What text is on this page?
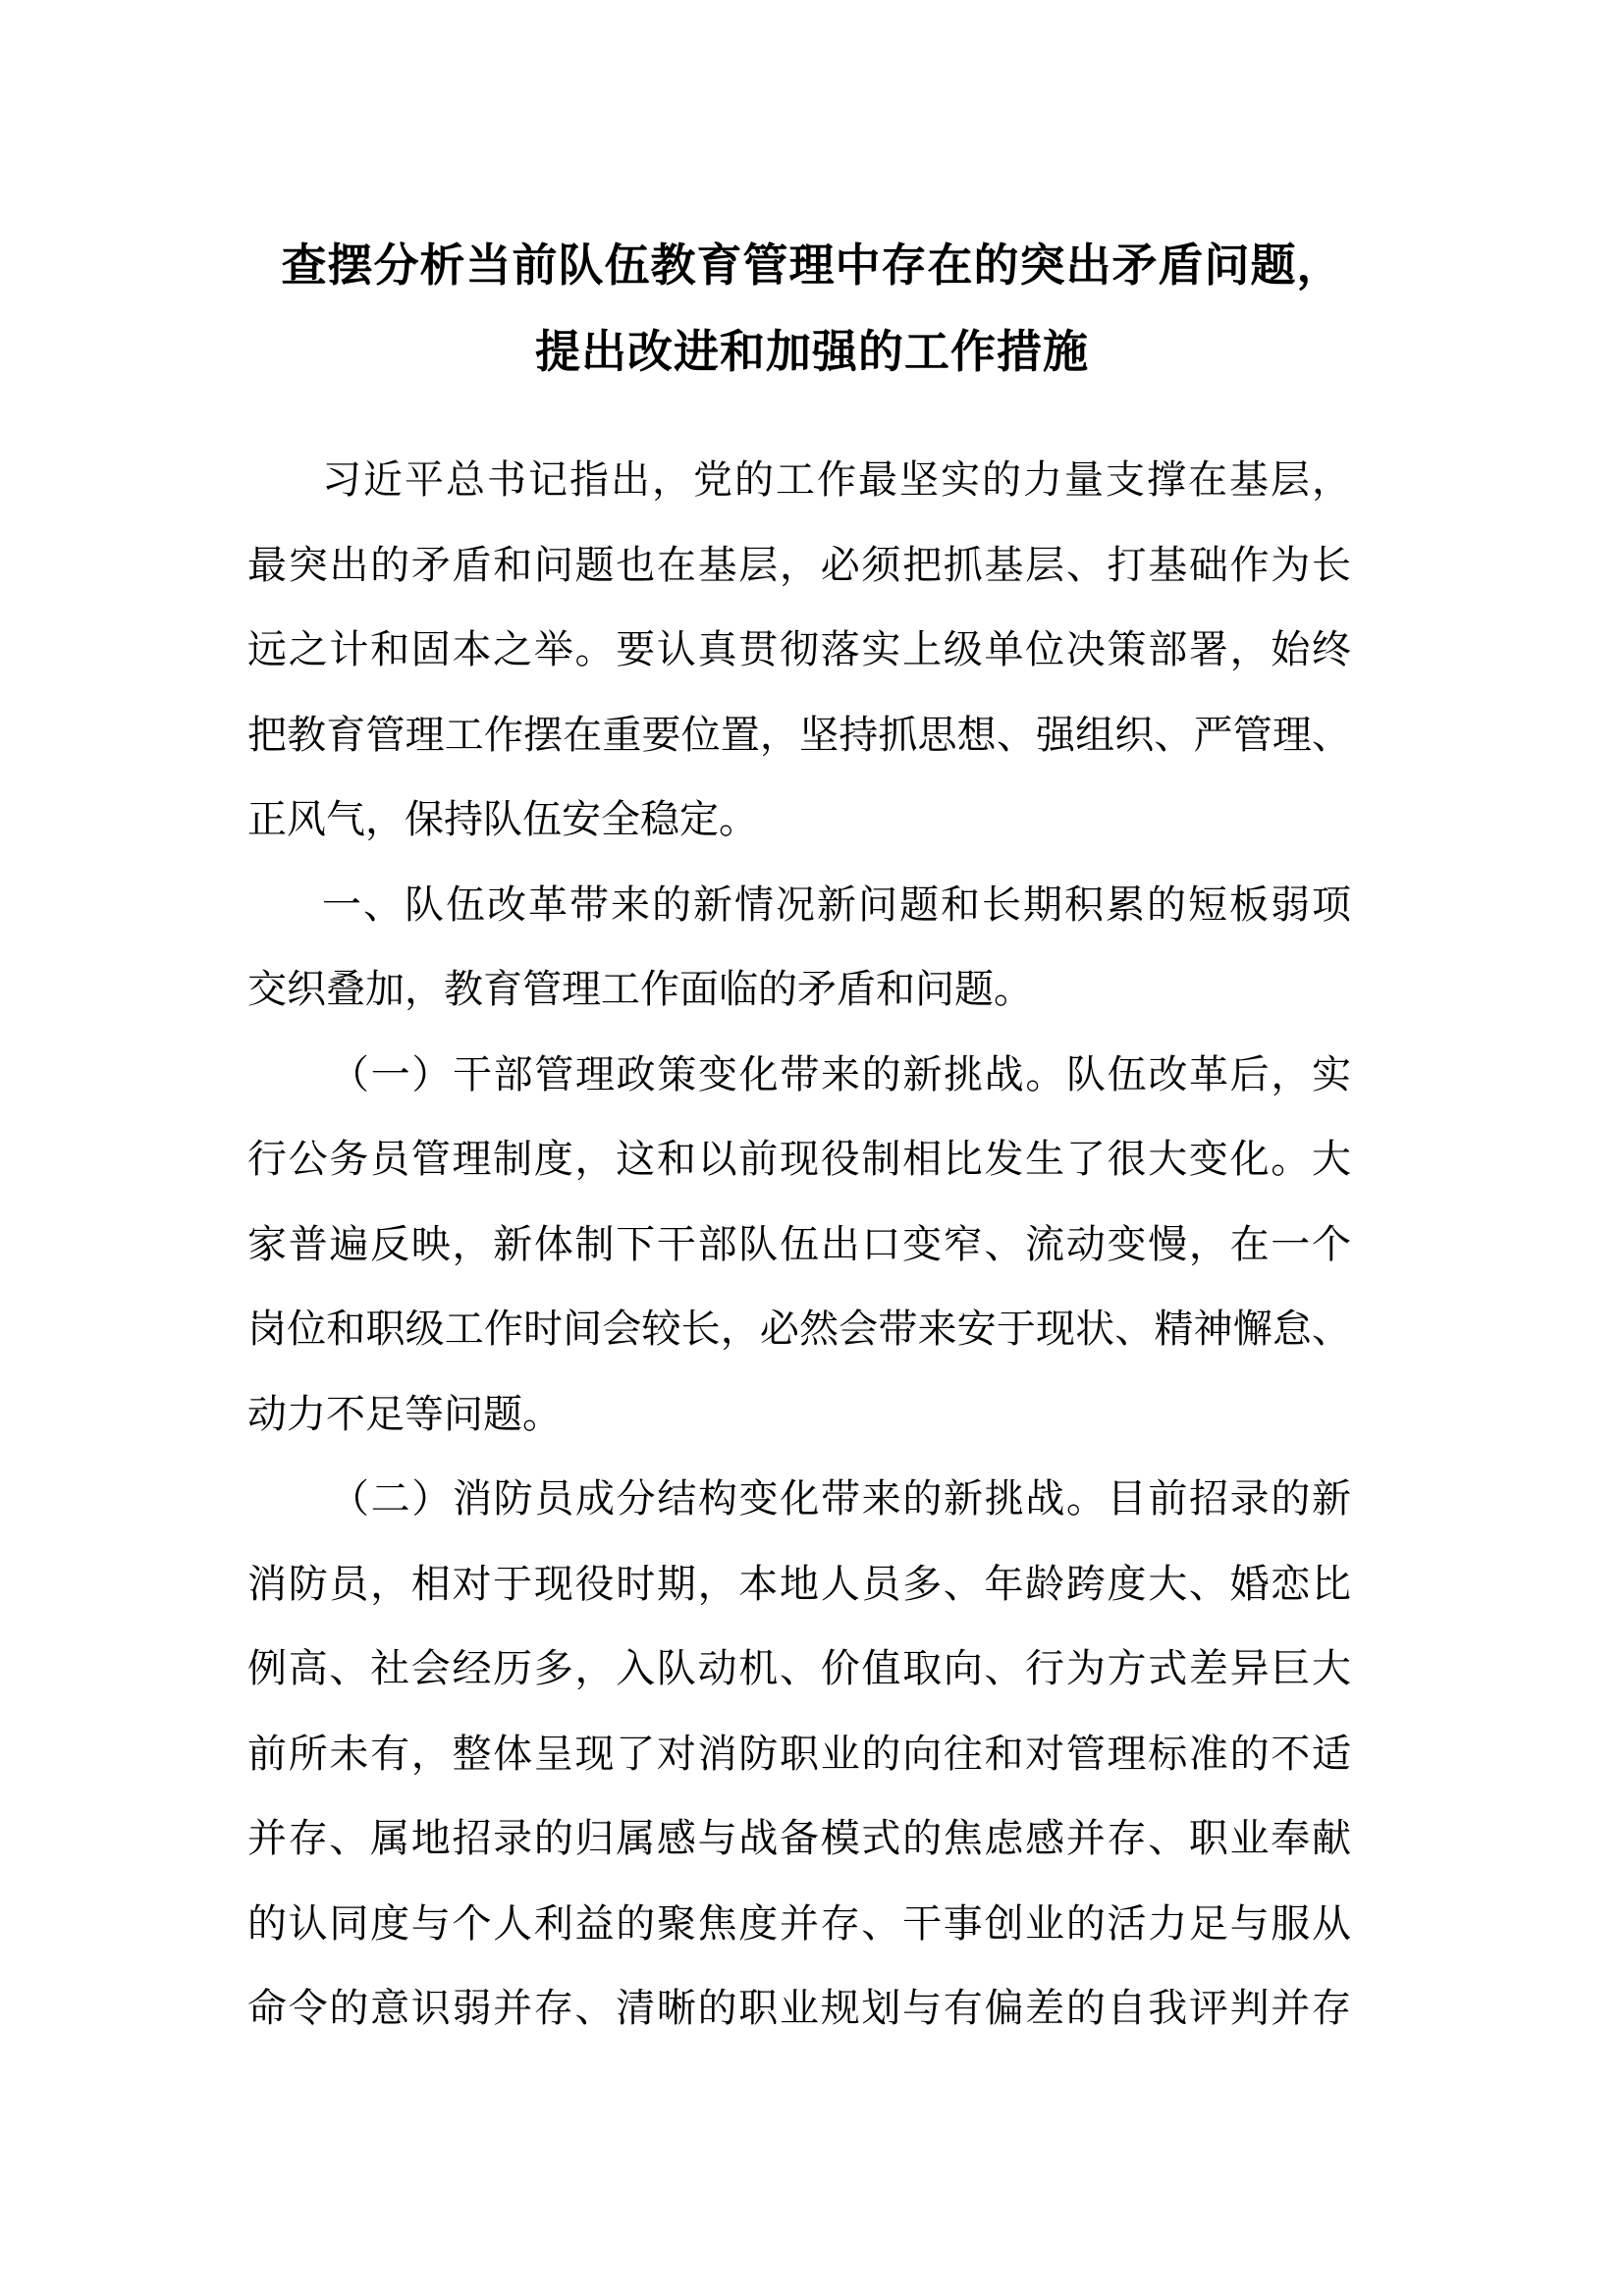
查摆分析当前队伍教育管理中存在的突出矛盾问题，
提出改进和加强的工作措施
习近平总书记指出，党的工作最坚实的力量支撑在基层，
最突出的矛盾和问题也在基层，必须把抓基层、打基础作为长
远之计和固本之举。要认真贯彻落实上级单位决策部署，始终
把教育管理工作摆在重要位置，坚持抓思想、强组织、严管理、
正风气，保持队伍安全稳定。
一、队伍改革带来的新情况新问题和长期积累的短板弱项
交织叠加，教育管理工作面临的矛盾和问题。
（一）干部管理政策变化带来的新挑战。队伍改革后，实
行公务员管理制度，这和以前现役制相比发生了很大变化。大
家普遍反映，新体制下干部队伍出口变窄、流动变慢，在一个
岗位和职级工作时间会较长，必然会带来安于现状、精神懈怠、
动力不足等问题。
（二）消防员成分结构变化带来的新挑战。目前招录的新
消防员，相对于现役时期，本地人员多、年龄跨度大、婚恋比
例高、社会经历多，入队动机、价值取向、行为方式差异巨大
前所未有，整体呈现了对消防职业的向往和对管理标准的不适
并存、属地招录的归属感与战备模式的焦虑感并存、职业奉献
的认同度与个人利益的聚焦度并存、干事创业的活力足与服从
命令的意识弱并存、清晰的职业规划与有偏差的自我评判并存
